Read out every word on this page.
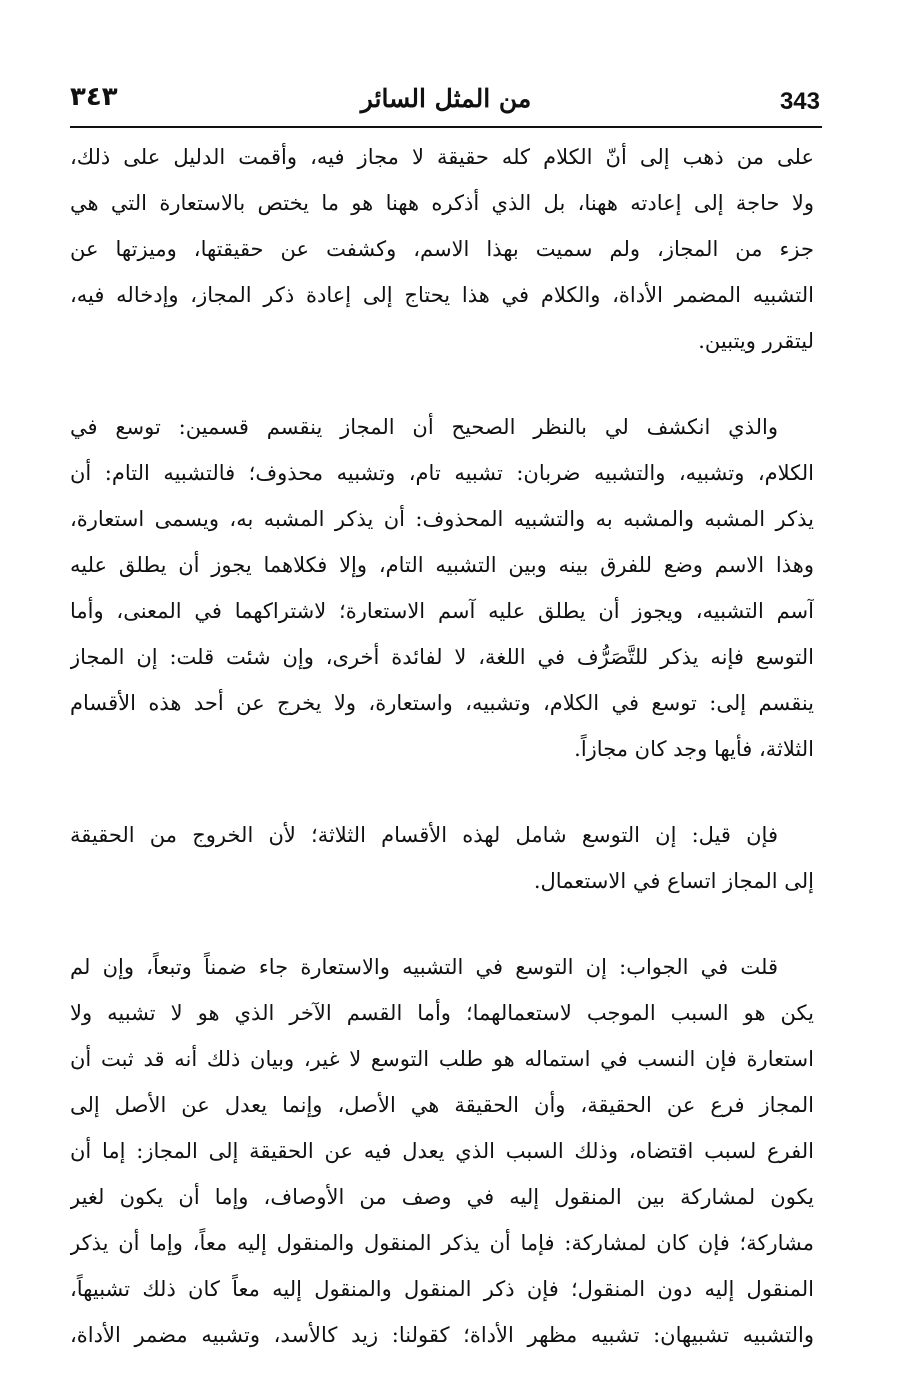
٣٤٣	من المثل السائر	343

على من ذهب إلى أنّ الكلام كله حقيقة لا مجاز فيه، وأقمت الدليل على ذلك،
ولا حاجة إلى إعادته ههنا، بل الذي أذكره ههنا هو ما يختص بالاستعارة التي هي
جزء من المجاز، ولم سميت بهذا الاسم، وكشفت عن حقيقتها، وميزتها عن
التشبيه المضمر الأداة، والكلام في هذا يحتاج إلى إعادة ذكر المجاز، وإدخاله فيه،
ليتقرر ويتبين.

والذي انكشف لي بالنظر الصحيح أن المجاز ينقسم قسمين: توسع في
الكلام، وتشبيه، والتشبيه ضربان: تشبيه تام، وتشبيه محذوف؛ فالتشبيه التام: أن
يذكر المشبه والمشبه به والتشبيه المحذوف: أن يذكر المشبه به، ويسمى استعارة،
وهذا الاسم وضع للفرق بينه وبين التشبيه التام، وإلا فكلاهما يجوز أن يطلق عليه
آسم التشبيه، ويجوز أن يطلق عليه آسم الاستعارة؛ لاشتراكهما في المعنى، وأما
التوسع فإنه يذكر للتَّصَرُّف في اللغة، لا لفائدة أخرى، وإن شئت قلت: إن المجاز
ينقسم إلى: توسع في الكلام، وتشبيه، واستعارة، ولا يخرج عن أحد هذه الأقسام
الثلاثة، فأيها وجد كان مجازاً.

فإن قيل: إن التوسع شامل لهذه الأقسام الثلاثة؛ لأن الخروج من الحقيقة
إلى المجاز اتساع في الاستعمال.

قلت في الجواب: إن التوسع في التشبيه والاستعارة جاء ضمناً وتبعاً، وإن لم
يكن هو السبب الموجب لاستعمالهما؛ وأما القسم الآخر الذي هو لا تشبيه ولا
استعارة فإن النسب في استماله هو طلب التوسع لا غير، وبيان ذلك أنه قد ثبت أن
المجاز فرع عن الحقيقة، وأن الحقيقة هي الأصل، وإنما يعدل عن الأصل إلى
الفرع لسبب اقتضاه، وذلك السبب الذي يعدل فيه عن الحقيقة إلى المجاز: إما أن
يكون لمشاركة بين المنقول إليه في وصف من الأوصاف، وإما أن يكون لغير
مشاركة؛ فإن كان لمشاركة: فإما أن يذكر المنقول والمنقول إليه معاً، وإما أن يذكر
المنقول إليه دون المنقول؛ فإن ذكر المنقول والمنقول إليه معاً كان ذلك تشبيهاً،
والتشبيه تشبيهان: تشبيه مظهر الأداة؛ كقولنا: زيد كالأسد، وتشبيه مضمر الأداة،
